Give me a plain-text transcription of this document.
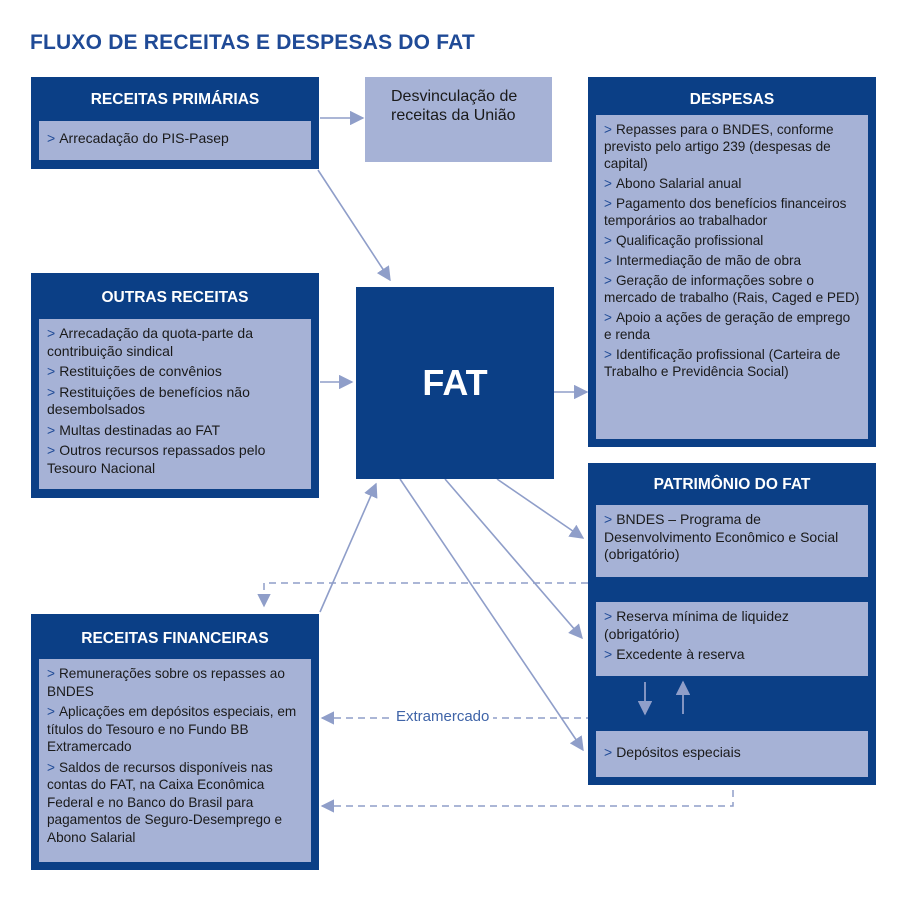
FLUXO DE RECEITAS E DESPESAS DO FAT
RECEITAS PRIMÁRIAS
> Arrecadação do PIS-Pasep
Desvinculação de receitas da União
OUTRAS RECEITAS
> Arrecadação da quota-parte da contribuição sindical
> Restituições de convênios
> Restituições de benefícios não desembolsados
> Multas destinadas ao FAT
> Outros recursos repassados pelo Tesouro Nacional
FAT
RECEITAS FINANCEIRAS
> Remunerações sobre os repasses ao BNDES
> Aplicações em depósitos especiais, em títulos do Tesouro e no Fundo BB Extramercado
> Saldos de recursos disponíveis nas contas do FAT, na Caixa Econômica Federal e no Banco do Brasil para pagamentos de Seguro-Desemprego e Abono Salarial
DESPESAS
> Repasses para o BNDES, conforme previsto pelo artigo 239 (despesas de capital)
> Abono Salarial anual
> Pagamento dos benefícios financeiros temporários ao trabalhador
> Qualificação profissional
> Intermediação de mão de obra
> Geração de informações sobre o mercado de trabalho (Rais, Caged e PED)
> Apoio a ações de geração de emprego e renda
> Identificação profissional (Carteira de Trabalho e Previdência Social)
PATRIMÔNIO DO FAT
> BNDES – Programa de Desenvolvimento Econômico e Social (obrigatório)
> Reserva mínima de liquidez (obrigatório)
> Excedente à reserva
> Depósitos especiais
Extramercado
